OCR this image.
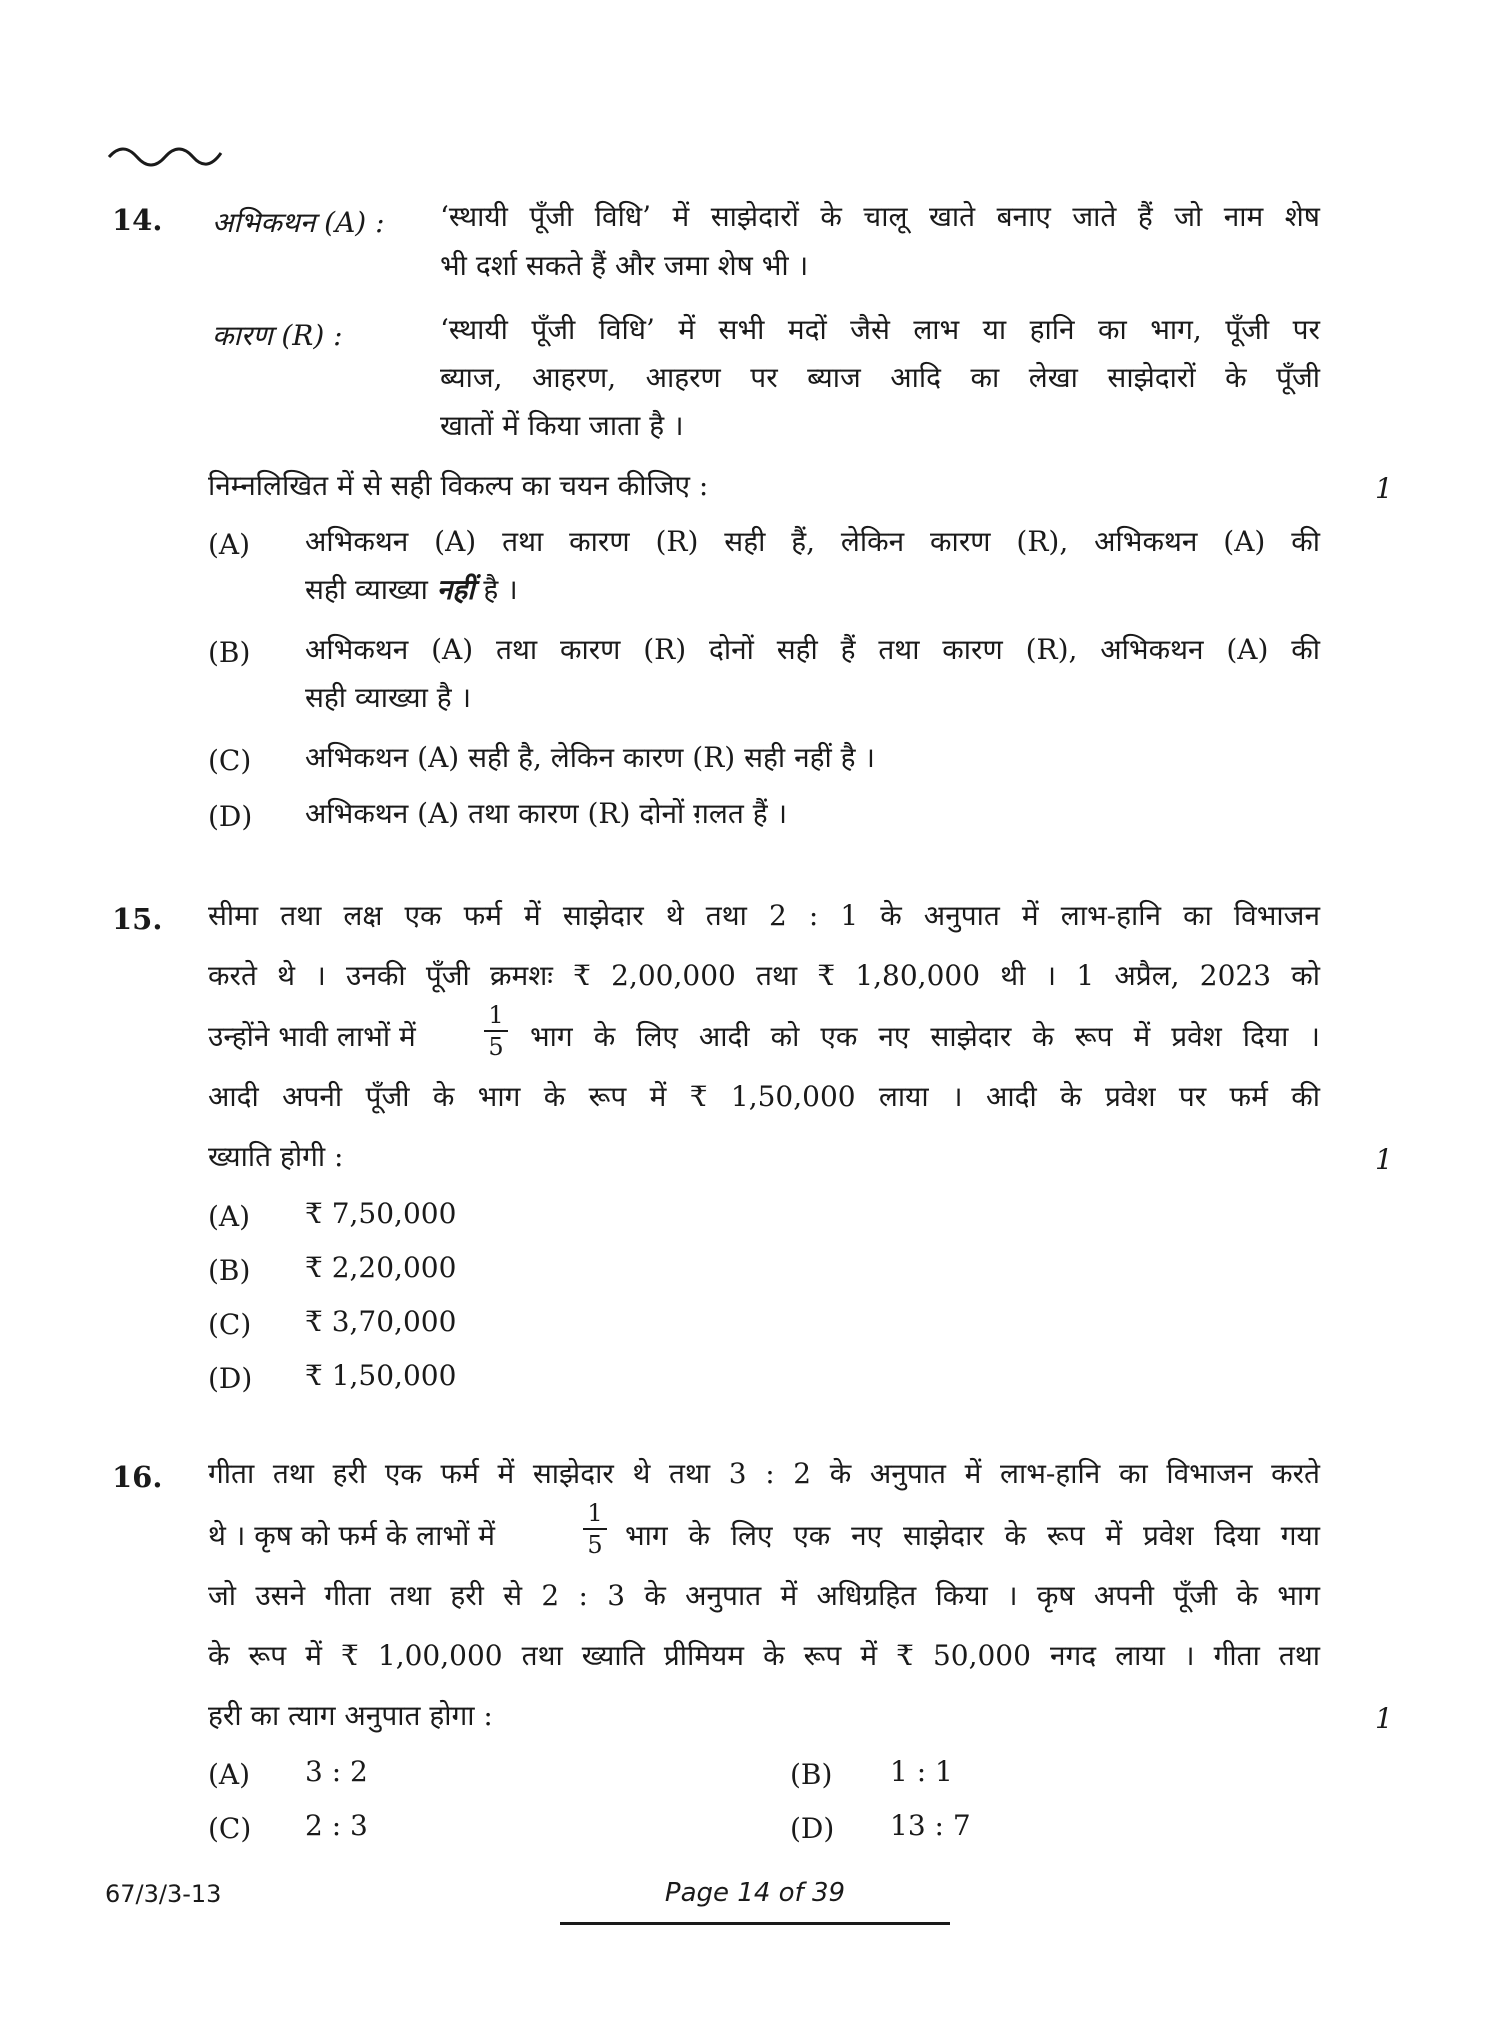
14. अभिकथन (A) : ‘स्थायी पूँजी विधि’ में साझेदारों के चालू खाते बनाए जाते हैं जो नाम शेष
भी दर्शा सकते हैं और जमा शेष भी ।
कारण (R) :	‘स्थायी पूँजी विधि’ में सभी मदों जैसे लाभ या हानि का भाग, पूँजी पर
ब्याज, आहरण, आहरण पर ब्याज आदि का लेखा साझेदारों के पूँजी
खातों में किया जाता है ।
निम्नलिखित में से सही विकल्प का चयन कीजिए :	1
(A) अभिकथन (A) तथा कारण (R) सही हैं, लेकिन कारण (R), अभिकथन (A) की
सही व्याख्या नहीं है ।
(B) अभिकथन (A) तथा कारण (R) दोनों सही हैं तथा कारण (R), अभिकथन (A) की
सही व्याख्या है ।
(C) अभिकथन (A) सही है, लेकिन कारण (R) सही नहीं है ।
(D) अभिकथन (A) तथा कारण (R) दोनों ग़लत हैं ।
15. सीमा तथा लक्ष एक फर्म में साझेदार थे तथा 2 : 1 के अनुपात में लाभ-हानि का विभाजन
करते थे । उनकी पूँजी क्रमशः ₹ 2,00,000 तथा ₹ 1,80,000 थी । 1 अप्रैल, 2023 को
उन्होंने भावी लाभों में
1
5 भाग के लिए आदी को एक नए साझेदार के रूप में प्रवेश दिया ।
आदी अपनी पूँजी के भाग के रूप में ₹ 1,50,000 लाया । आदी के प्रवेश पर फर्म की
ख्याति होगी :	1
(A) ₹ 7,50,000
(B) ₹ 2,20,000
(C) ₹ 3,70,000
(D) ₹ 1,50,000
16. गीता तथा हरी एक फर्म में साझेदार थे तथा 3 : 2 के अनुपात में लाभ-हानि का विभाजन करते
थे । कृष को फर्म के लाभों में
1
5 भाग के लिए एक नए साझेदार के रूप में प्रवेश दिया गया
जो उसने गीता तथा हरी से 2 : 3 के अनुपात में अधिग्रहित किया । कृष अपनी पूँजी के भाग
के रूप में ₹ 1,00,000 तथा ख्याति प्रीमियम के रूप में ₹ 50,000 नगद लाया । गीता तथा
हरी का त्याग अनुपात होगा :	1
(A) 3 : 2	(B) 1 : 1
(C) 2 : 3	(D) 13 : 7
67/3/3-13	Page 14 of 39
